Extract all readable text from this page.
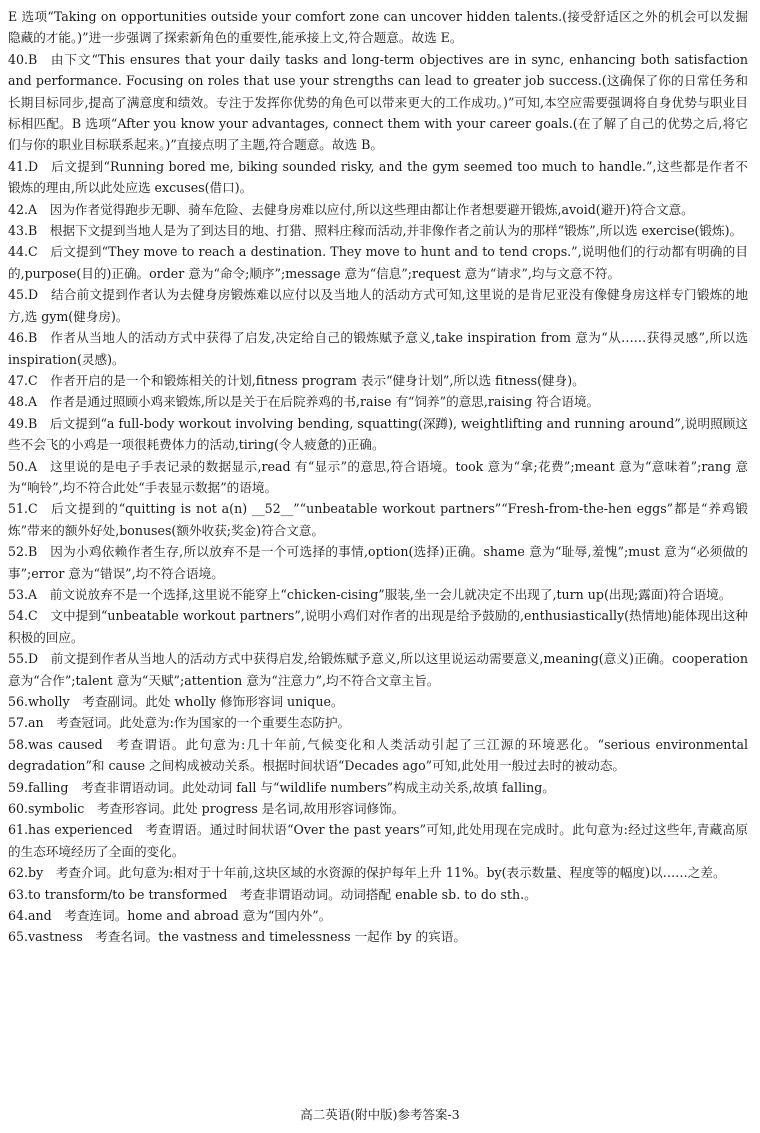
E 选项“Taking on opportunities outside your comfort zone can uncover hidden talents.(接受舒适区之外的机会可以发掘隐藏的才能。)”进一步强调了探索新角色的重要性,能承接上文,符合题意。故选 E。

40.B  由下文“This ensures that your daily tasks and long-term objectives are in sync, enhancing both satisfaction and performance. Focusing on roles that use your strengths can lead to greater job success.(这确保了你的日常任务和长期目标同步,提高了满意度和绩效。专注于发挥你优势的角色可以带来更大的工作成功。)”可知,本空应需要强调将自身优势与职业目标相匹配。B 选项“After you know your advantages, connect them with your career goals.(在了解了自己的优势之后,将它们与你的职业目标联系起来。)”直接点明了主题,符合题意。故选 B。

41.D  后文提到“Running bored me, biking sounded risky, and the gym seemed too much to handle.”,这些都是作者不锻炼的理由,所以此处应选 excuses(借口)。

42.A  因为作者觉得跑步无聊、骑车危险、去健身房难以应付,所以这些理由都让作者想要避开锻炼,avoid(避开)符合文意。

43.B  根据下文提到当地人是为了到达目的地、打猎、照料庄稼而活动,并非像作者之前认为的那样“锻炼”,所以选 exercise(锻炼)。

44.C  后文提到“They move to reach a destination. They move to hunt and to tend crops.”,说明他们的行动都有明确的目的,purpose(目的)正确。order 意为“命令;顺序”;message 意为“信息”;request 意为“请求”,均与文意不符。

45.D  结合前文提到作者认为去健身房锻炼难以应付以及当地人的活动方式可知,这里说的是肯尼亚没有像健身房这样专门锻炼的地方,选 gym(健身房)。

46.B  作者从当地人的活动方式中获得了启发,决定给自己的锻炼赋予意义,take inspiration from 意为“从……获得灵感”,所以选 inspiration(灵感)。

47.C  作者开启的是一个和锻炼相关的计划,fitness program 表示“健身计划”,所以选 fitness(健身)。

48.A  作者是通过照顾小鸡来锻炼,所以是关于在后院养鸡的书,raise 有“饲养”的意思,raising 符合语境。

49.B  后文提到“a full-body workout involving bending, squatting(深蹲), weightlifting and running around”,说明照顾这些不会飞的小鸡是一项很耗费体力的活动,tiring(令人疲惫的)正确。

50.A  这里说的是电子手表记录的数据显示,read 有“显示”的意思,符合语境。took 意为“拿;花费”;meant 意为“意味着”;rang 意为“响铃”,均不符合此处“手表显示数据”的语境。

51.C  后文提到的“quitting is not a(n) __52__”“unbeatable workout partners”“Fresh-from-the-hen eggs”都是“养鸡锻炼”带来的额外好处,bonuses(额外收获;奖金)符合文意。

52.B  因为小鸡依赖作者生存,所以放弃不是一个可选择的事情,option(选择)正确。shame 意为“耻辱,羞愧”;must 意为“必须做的事”;error 意为“错误”,均不符合语境。

53.A  前文说放弃不是一个选择,这里说不能穿上“chicken-cising”服装,坐一会儿就决定不出现了,turn up(出现;露面)符合语境。

54.C  文中提到“unbeatable workout partners”,说明小鸡们对作者的出现是给予鼓励的,enthusiastically(热情地)能体现出这种积极的回应。

55.D  前文提到作者从当地人的活动方式中获得启发,给锻炼赋予意义,所以这里说运动需要意义,meaning(意义)正确。cooperation 意为“合作”;talent 意为“天赋”;attention 意为“注意力”,均不符合文章主旨。

56.wholly  考查副词。此处 wholly 修饰形容词 unique。

57.an  考查冠词。此处意为:作为国家的一个重要生态防护。

58.was caused  考查谓语。此句意为:几十年前,气候变化和人类活动引起了三江源的环境恶化。“serious environmental degradation”和 cause 之间构成被动关系。根据时间状语“Decades ago”可知,此处用一般过去时的被动态。

59.falling  考查非谓语动词。此处动词 fall 与“wildlife numbers”构成主动关系,故填 falling。

60.symbolic  考查形容词。此处 progress 是名词,故用形容词修饰。

61.has experienced  考查谓语。通过时间状语“Over the past years”可知,此处用现在完成时。此句意为:经过这些年,青藏高原的生态环境经历了全面的变化。

62.by  考查介词。此句意为:相对于十年前,这块区域的水资源的保护每年上升 11%。by(表示数量、程度等的幅度)以……之差。

63.to transform/to be transformed  考查非谓语动词。动词搭配 enable sb. to do sth.。

64.and  考查连词。home and abroad 意为“国内外”。

65.vastness  考查名词。the vastness and timelessness 一起作 by 的宾语。

高二英语(附中版)参考答案-3
